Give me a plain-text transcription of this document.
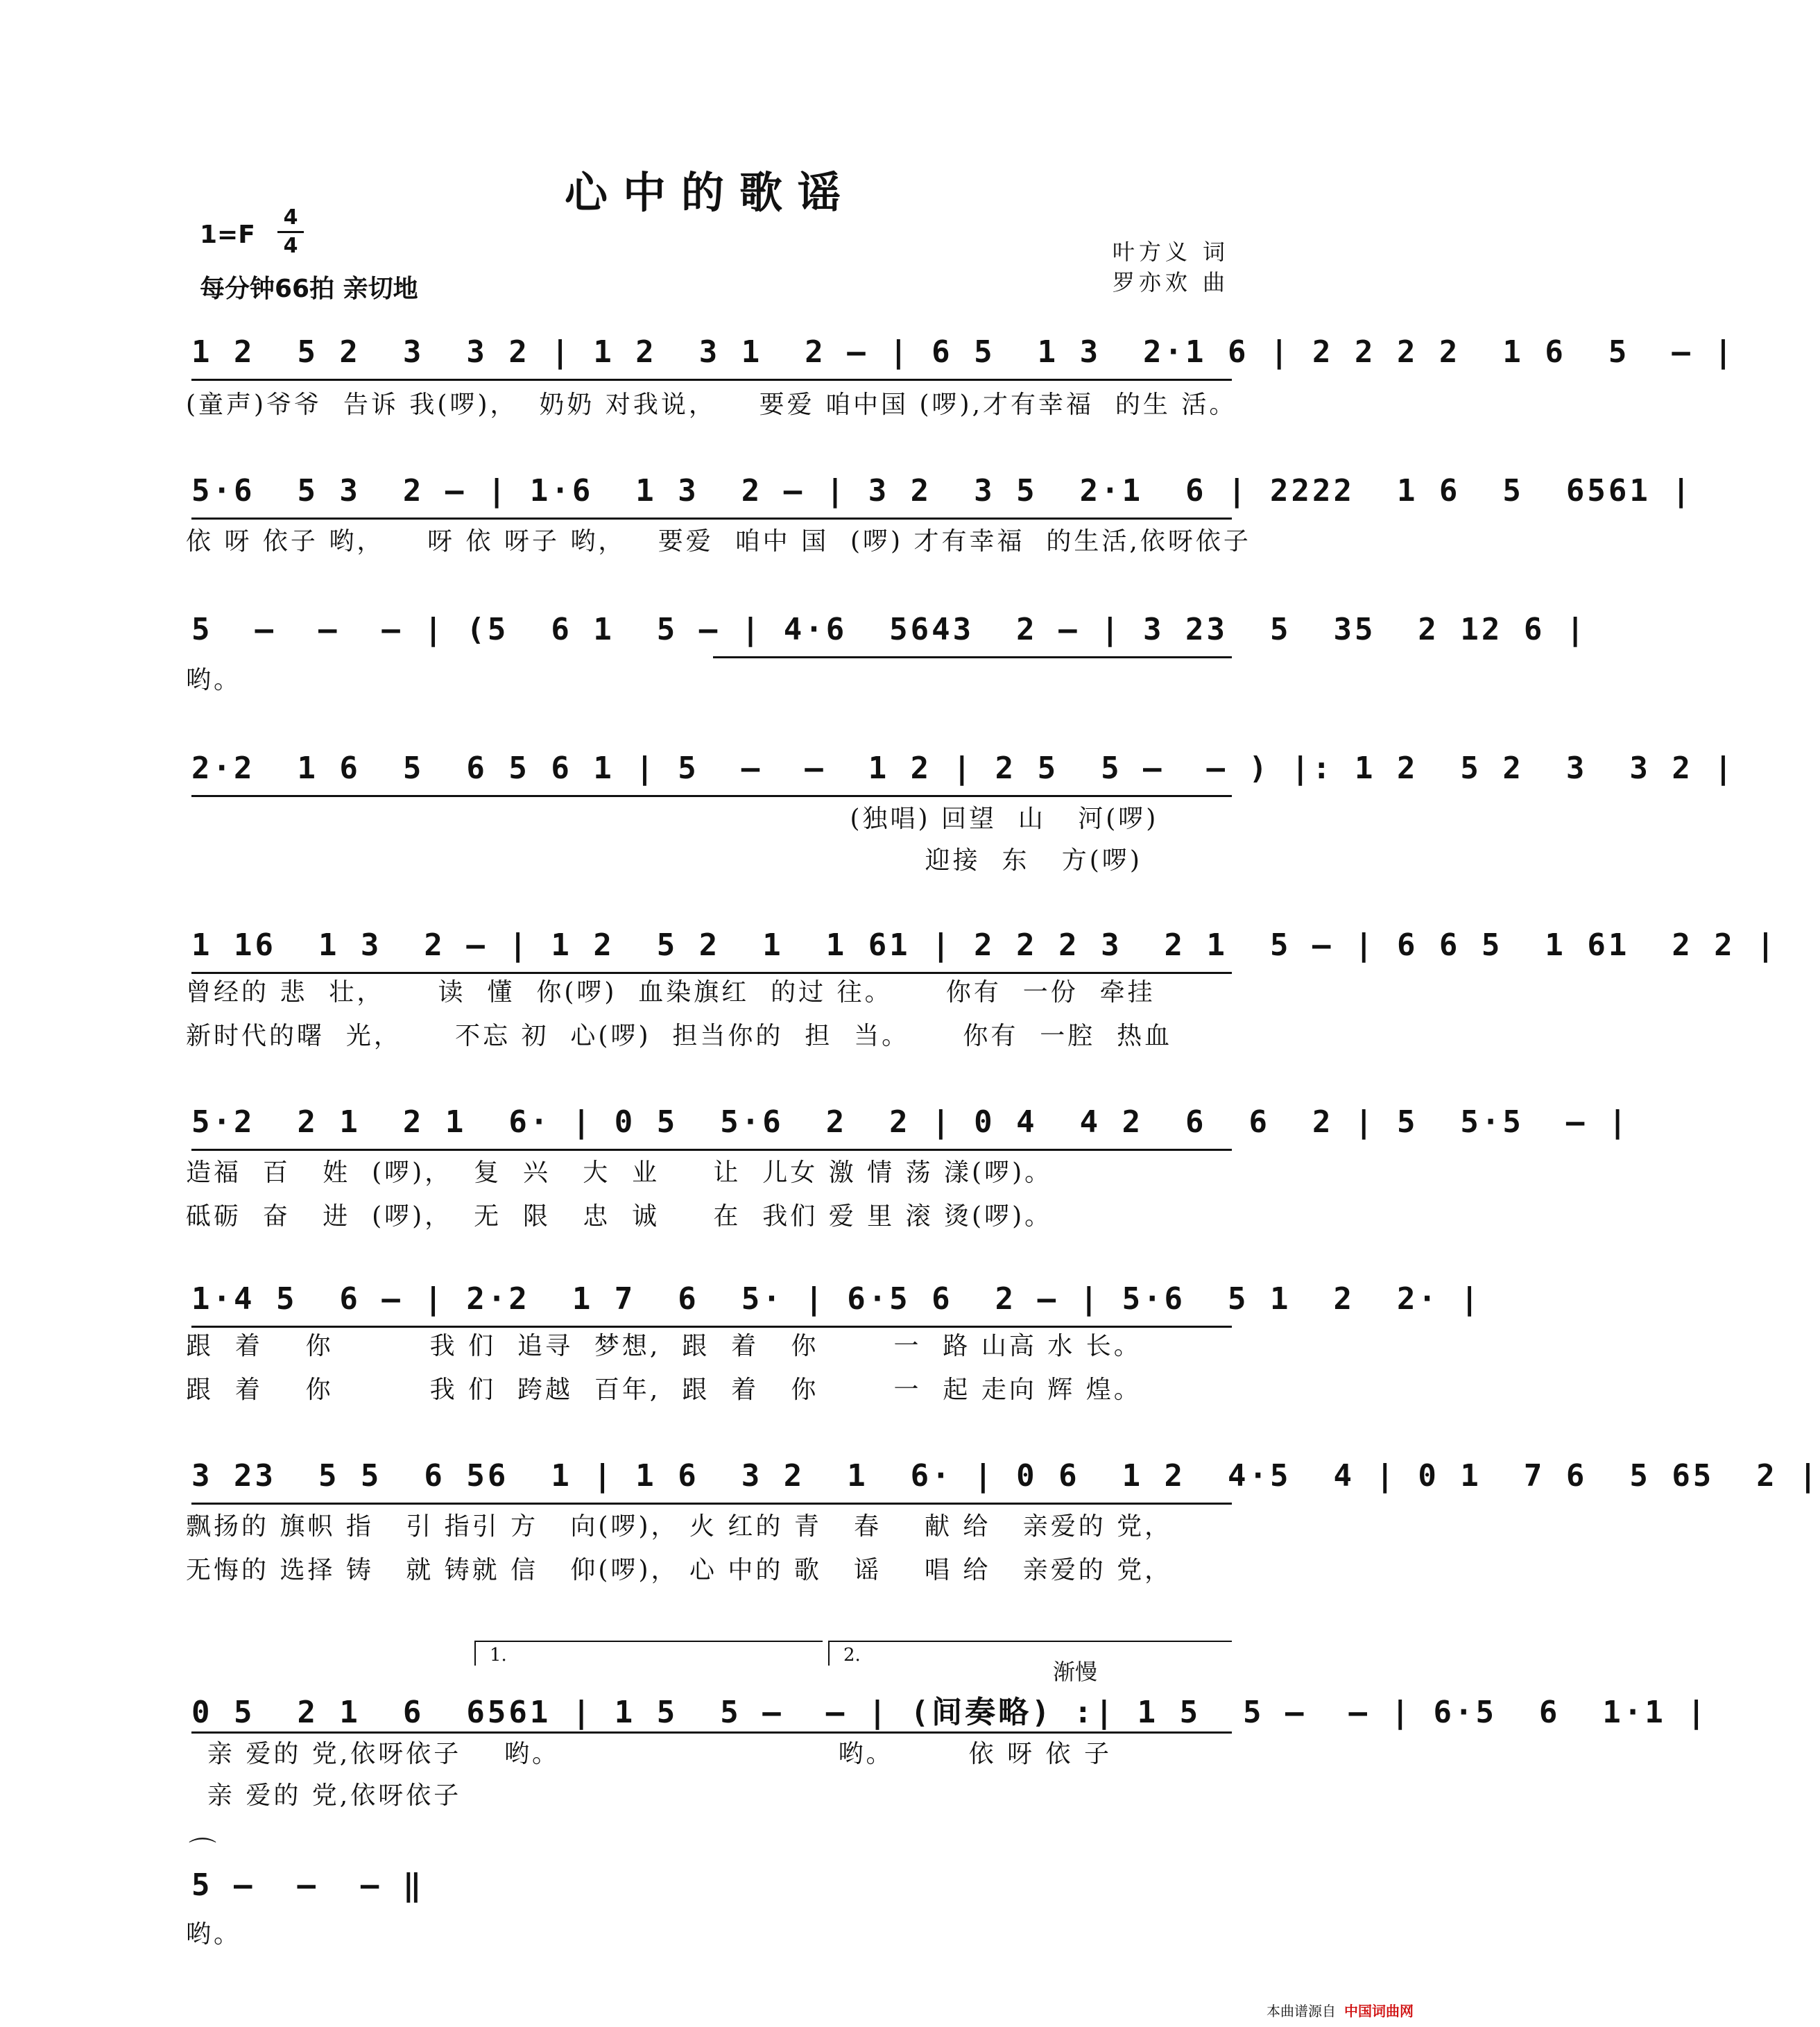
心中的歌谣
1=F
4
4
每分钟66拍 亲切地
叶方义 词
罗亦欢 曲
1 2  5 2  3  3 2 | 1 2  3 1  2 — | 6 5  1 3  2·1 6 | 2 2 2 2  1 6  5  — |
(童声)爷爷  告诉 我(啰)，  奶奶 对我说，    要爱 咱中国 (啰),才有幸福  的生 活。
5·6  5 3  2 — | 1·6  1 3  2 — | 3 2  3 5  2·1  6 | 2222  1 6  5  6561 |
依 呀 依子 哟，    呀 依 呀子 哟，   要爱  咱中 国  (啰) 才有幸福  的生活,依呀依子
5  —  —  — | (5  6 1  5 — | 4·6  5643  2 — | 3 23  5  35  2 12 6 |
哟。
2·2  1 6  5  6 5 6 1 | 5  —  —  1 2 | 2 5  5 —  — ) |: 1 2  5 2  3  3 2 |
(独唱) 回望  山   河(啰)
迎接  东   方(啰)
1 16  1 3  2 — | 1 2  5 2  1  1 61 | 2 2 2 3  2 1  5 — | 6 6 5  1 61  2 2 |
曾经的 悲  壮，     读  懂  你(啰)  血染旗红  的过 往。     你有  一份  牵挂
新时代的曙  光，     不忘 初  心(啰)  担当你的  担  当。     你有  一腔  热血
5·2  2 1  2 1  6· | 0 5  5·6  2  2 | 0 4  4 2  6  6  2 | 5  5·5  — |
造福  百   姓  (啰)，  复  兴   大  业     让  儿女 激 情 荡 漾(啰)。
砥砺  奋   进  (啰)，  无  限   忠  诚     在  我们 爱 里 滚 烫(啰)。
1·4 5  6 — | 2·2  1 7  6  5· | 6·5 6  2 — | 5·6  5 1  2  2· |
跟  着    你         我 们  追寻  梦想,  跟  着   你       一  路 山高 水 长。
跟  着    你         我 们  跨越  百年,  跟  着   你       一  起 走向 辉 煌。
3 23  5 5  6 56  1 | 1 6  3 2  1  6· | 0 6  1 2  4·5  4 | 0 1  7 6  5 65  2 |
飘扬的 旗帜 指   引 指引 方   向(啰)， 火 红的 青   春    献 给   亲爱的 党，
无悔的 选择 铸   就 铸就 信   仰(啰)， 心 中的 歌   谣    唱 给   亲爱的 党，
1.	2.
渐慢
0 5  2 1  6  6561 | 1 5  5 —  — | (间奏略) :| 1 5  5 —  — | 6·5  6  1·1 |
亲 爱的 党,依呀依子    哟。                          哟。       依 呀 依 子
亲 爱的 党,依呀依子
⌒
5 —  —  — ‖
哟。
本曲谱源自 中国词曲网
